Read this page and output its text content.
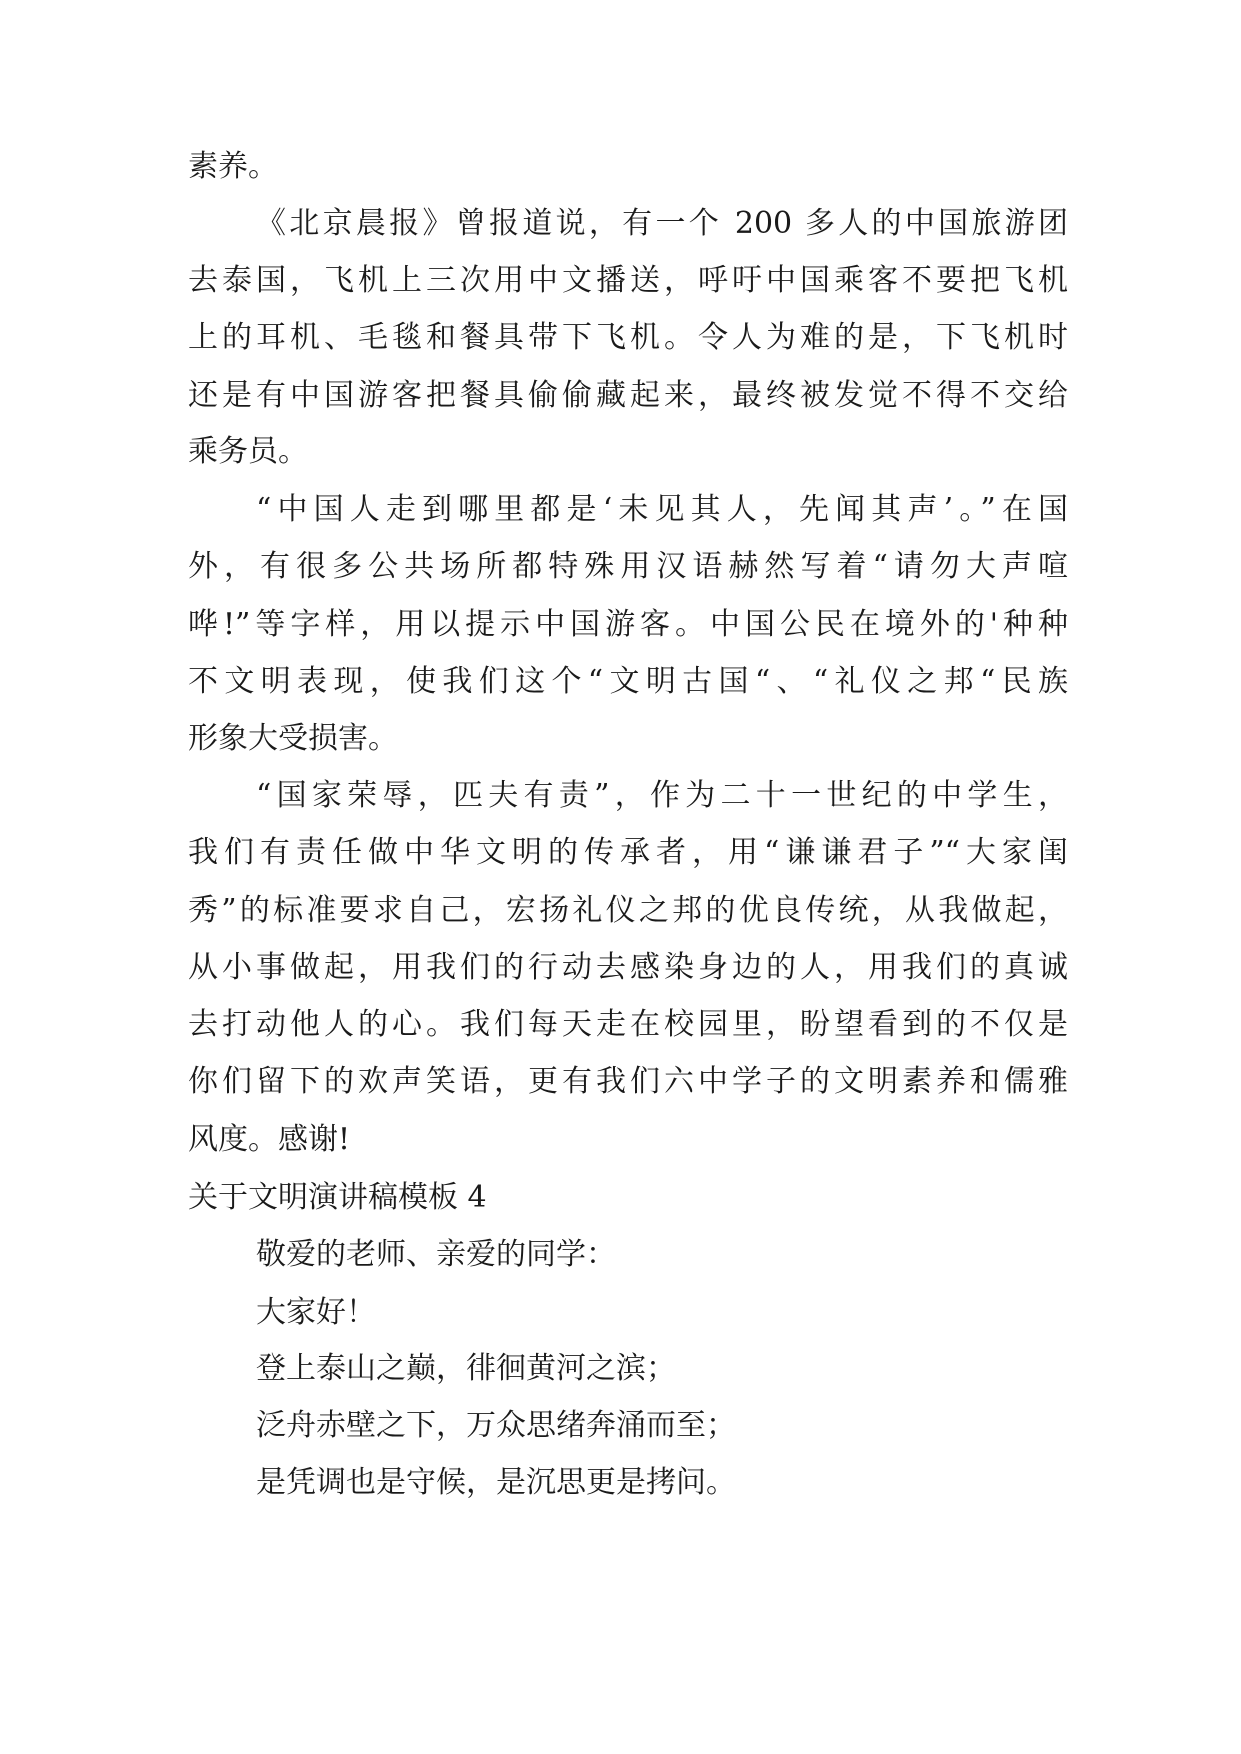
素养。
《北京晨报》曾报道说，有一个 200 多人的中国旅游团
去泰国，飞机上三次用中文播送，呼吁中国乘客不要把飞机
上的耳机、毛毯和餐具带下飞机。令人为难的是，下飞机时
还是有中国游客把餐具偷偷藏起来，最终被发觉不得不交给
乘务员。
“中国人走到哪里都是‘未见其人，先闻其声’。”在国
外，有很多公共场所都特殊用汉语赫然写着“请勿大声喧
哗!”等字样，用以提示中国游客。中国公民在境外的'种种
不文明表现，使我们这个“文明古国“、“礼仪之邦“民族
形象大受损害。
“国家荣辱，匹夫有责”，作为二十一世纪的中学生，
我们有责任做中华文明的传承者，用“谦谦君子”“大家闺
秀”的标准要求自己，宏扬礼仪之邦的优良传统，从我做起，
从小事做起，用我们的行动去感染身边的人，用我们的真诚
去打动他人的心。我们每天走在校园里，盼望看到的不仅是
你们留下的欢声笑语，更有我们六中学子的文明素养和儒雅
风度。感谢!
关于文明演讲稿模板 4
敬爱的老师、亲爱的同学：
大家好！
登上泰山之巅，徘徊黄河之滨；
泛舟赤壁之下，万众思绪奔涌而至；
是凭调也是守候，是沉思更是拷问。
